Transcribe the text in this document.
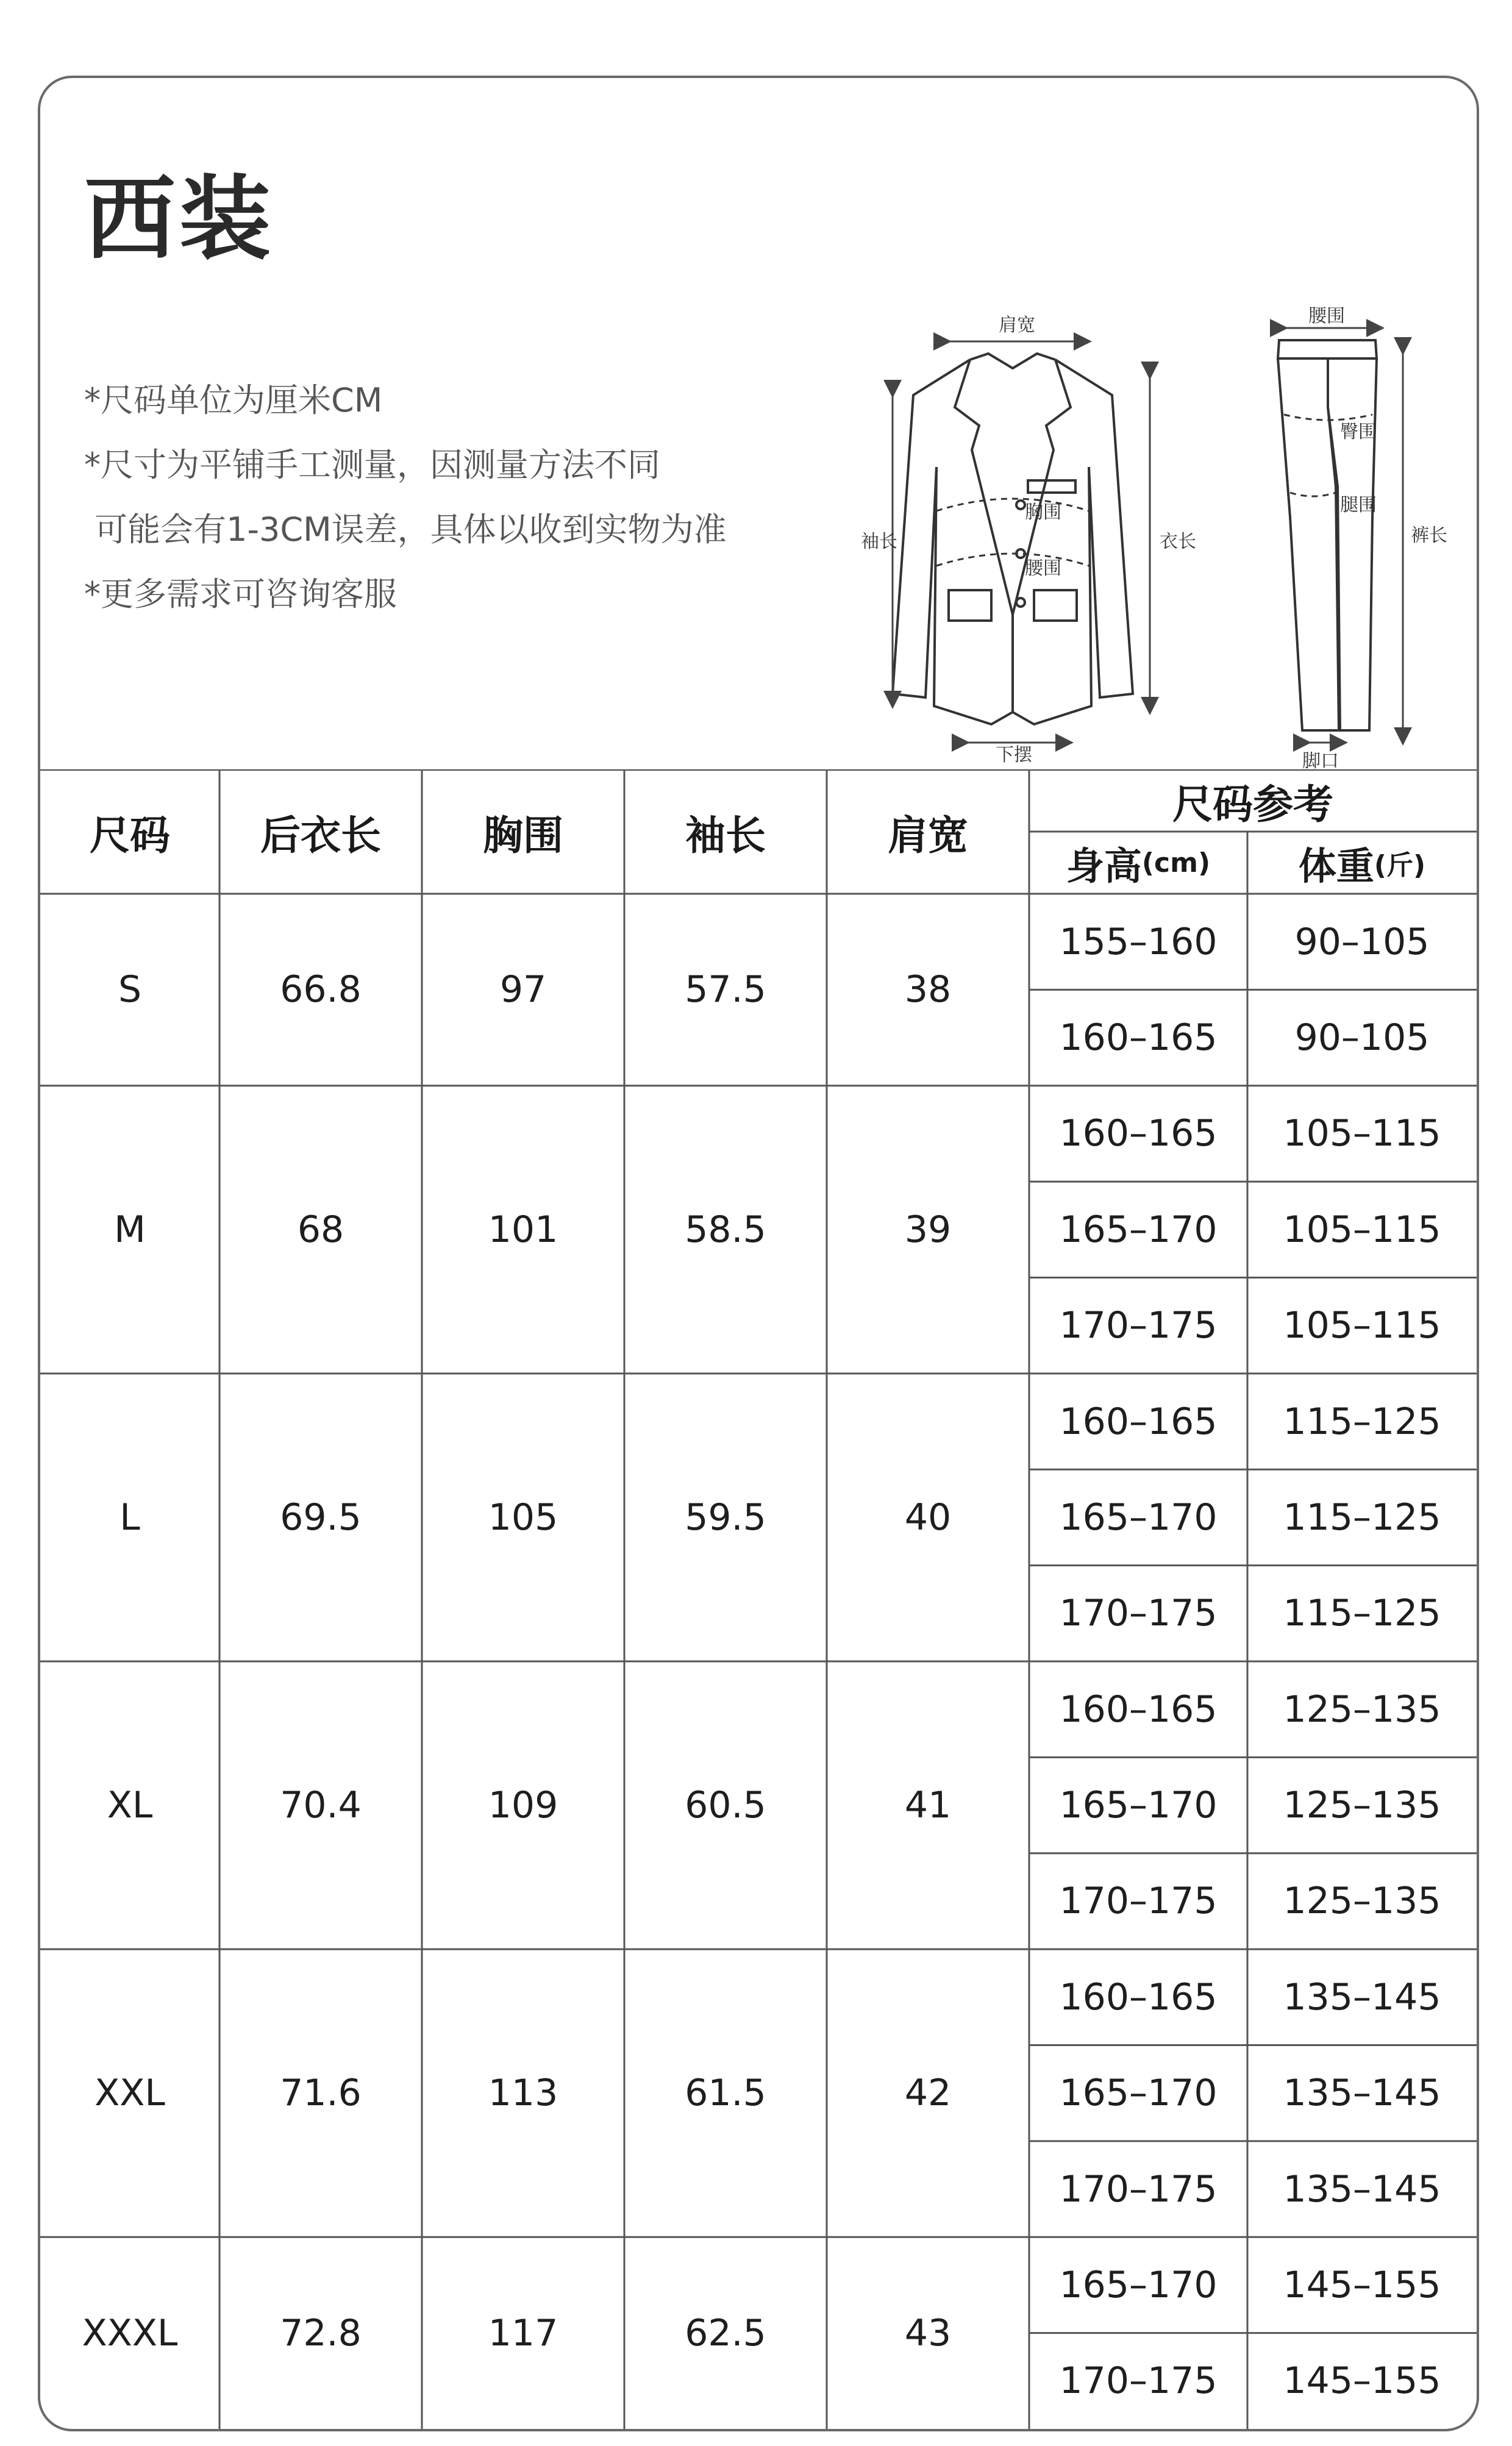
西装
*尺码单位为厘米CM
*尺寸为平铺手工测量，因测量方法不同
可能会有1-3CM误差，具体以收到实物为准
*更多需求可咨询客服
肩宽
袖长	衣长
胸围
腰围
下摆
腰围
臀围
腿围
裤长
脚口
尺码	后衣长	胸围	袖长	肩宽
尺码参考
身高 (cm) 体重 (斤)
S	66.8	97	57.5	38
155–160	90–105
160–165	90–105
M	68	101	58.5	39
160–165	105–115
165–170	105–115
170–175	105–115
L	69.5	105	59.5	40
160–165	115–125
165–170	115–125
170–175	115–125
XL	70.4	109	60.5	41
160–165	125–135
165–170	125–135
170–175	125–135
XXL	71.6	113	61.5	42
160–165	135–145
165–170	135–145
170–175	135–145
XXXL	72.8	117	62.5	43
165–170	145–155
170–175	145–155
